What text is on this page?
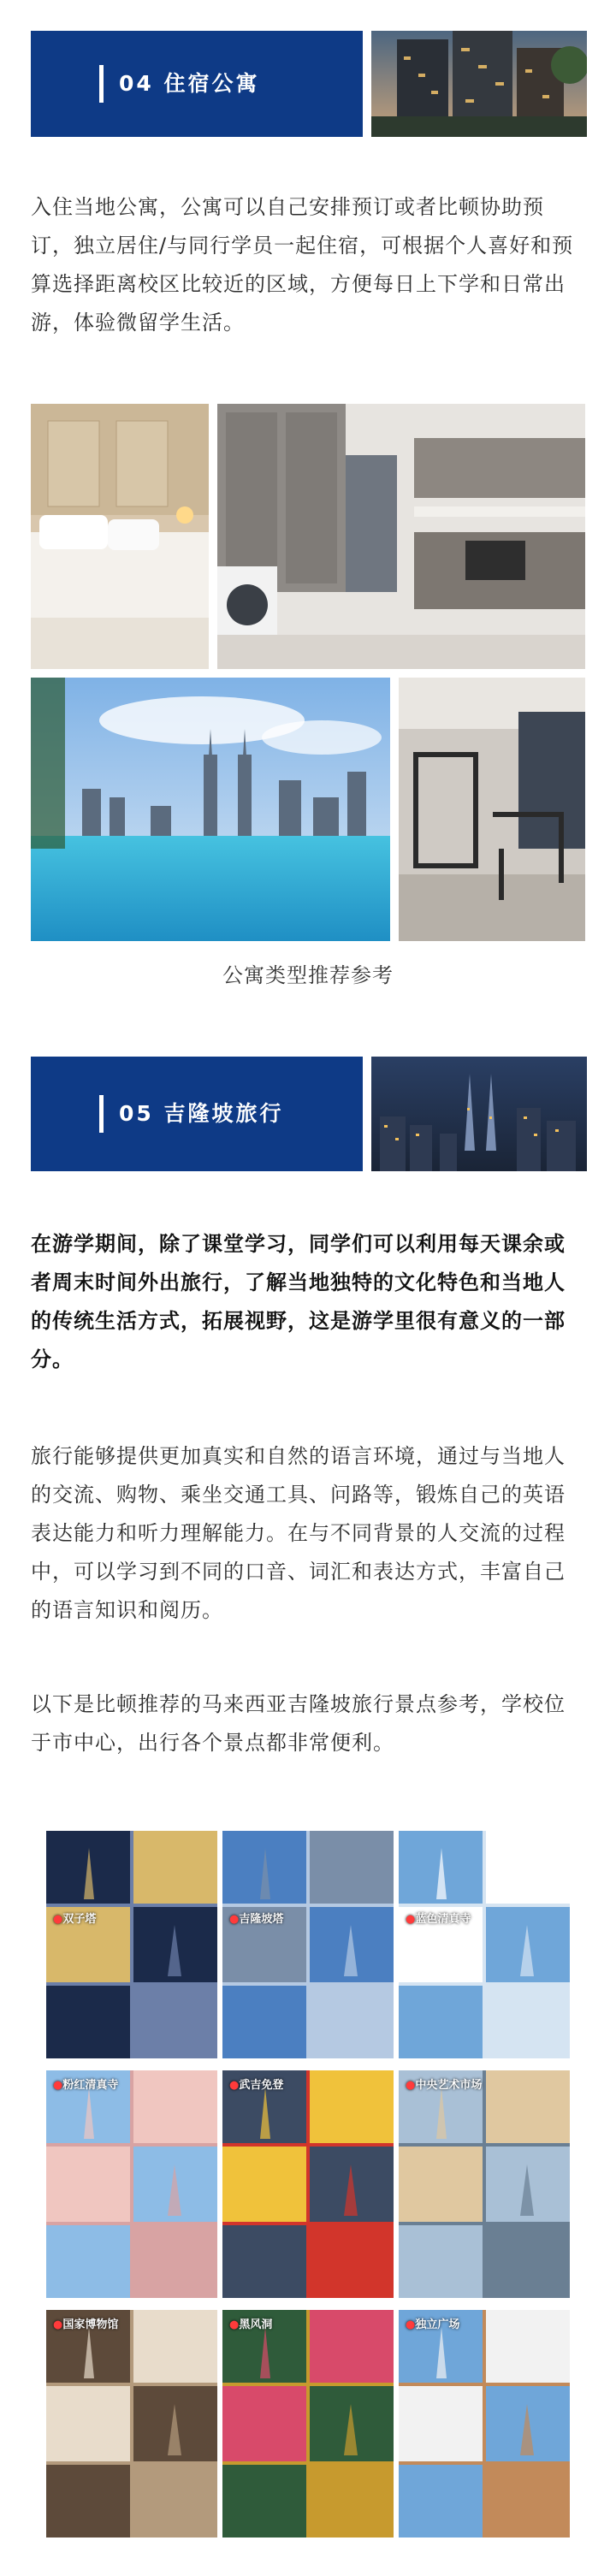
04 住宿公寓
入住当地公寓，公寓可以自己安排预订或者比顿协助预订，独立居住/与同行学员一起住宿，可根据个人喜好和预算选择距离校区比较近的区域，方便每日上下学和日常出游，体验微留学生活。
公寓类型推荐参考
05 吉隆坡旅行
在游学期间，除了课堂学习，同学们可以利用每天课余或者周末时间外出旅行，了解当地独特的文化特色和当地人的传统生活方式，拓展视野，这是游学里很有意义的一部分。
旅行能够提供更加真实和自然的语言环境，通过与当地人的交流、购物、乘坐交通工具、问路等，锻炼自己的英语表达能力和听力理解能力。在与不同背景的人交流的过程中，可以学习到不同的口音、词汇和表达方式，丰富自己的语言知识和阅历。
以下是比顿推荐的马来西亚吉隆坡旅行景点参考，学校位于市中心，出行各个景点都非常便利。
● 双子塔	● 吉隆坡塔	● 蓝色清真寺
● 粉红清真寺	● 武吉免登	● 中央艺术市场
● 国家博物馆	● 黑风洞	● 独立广场
